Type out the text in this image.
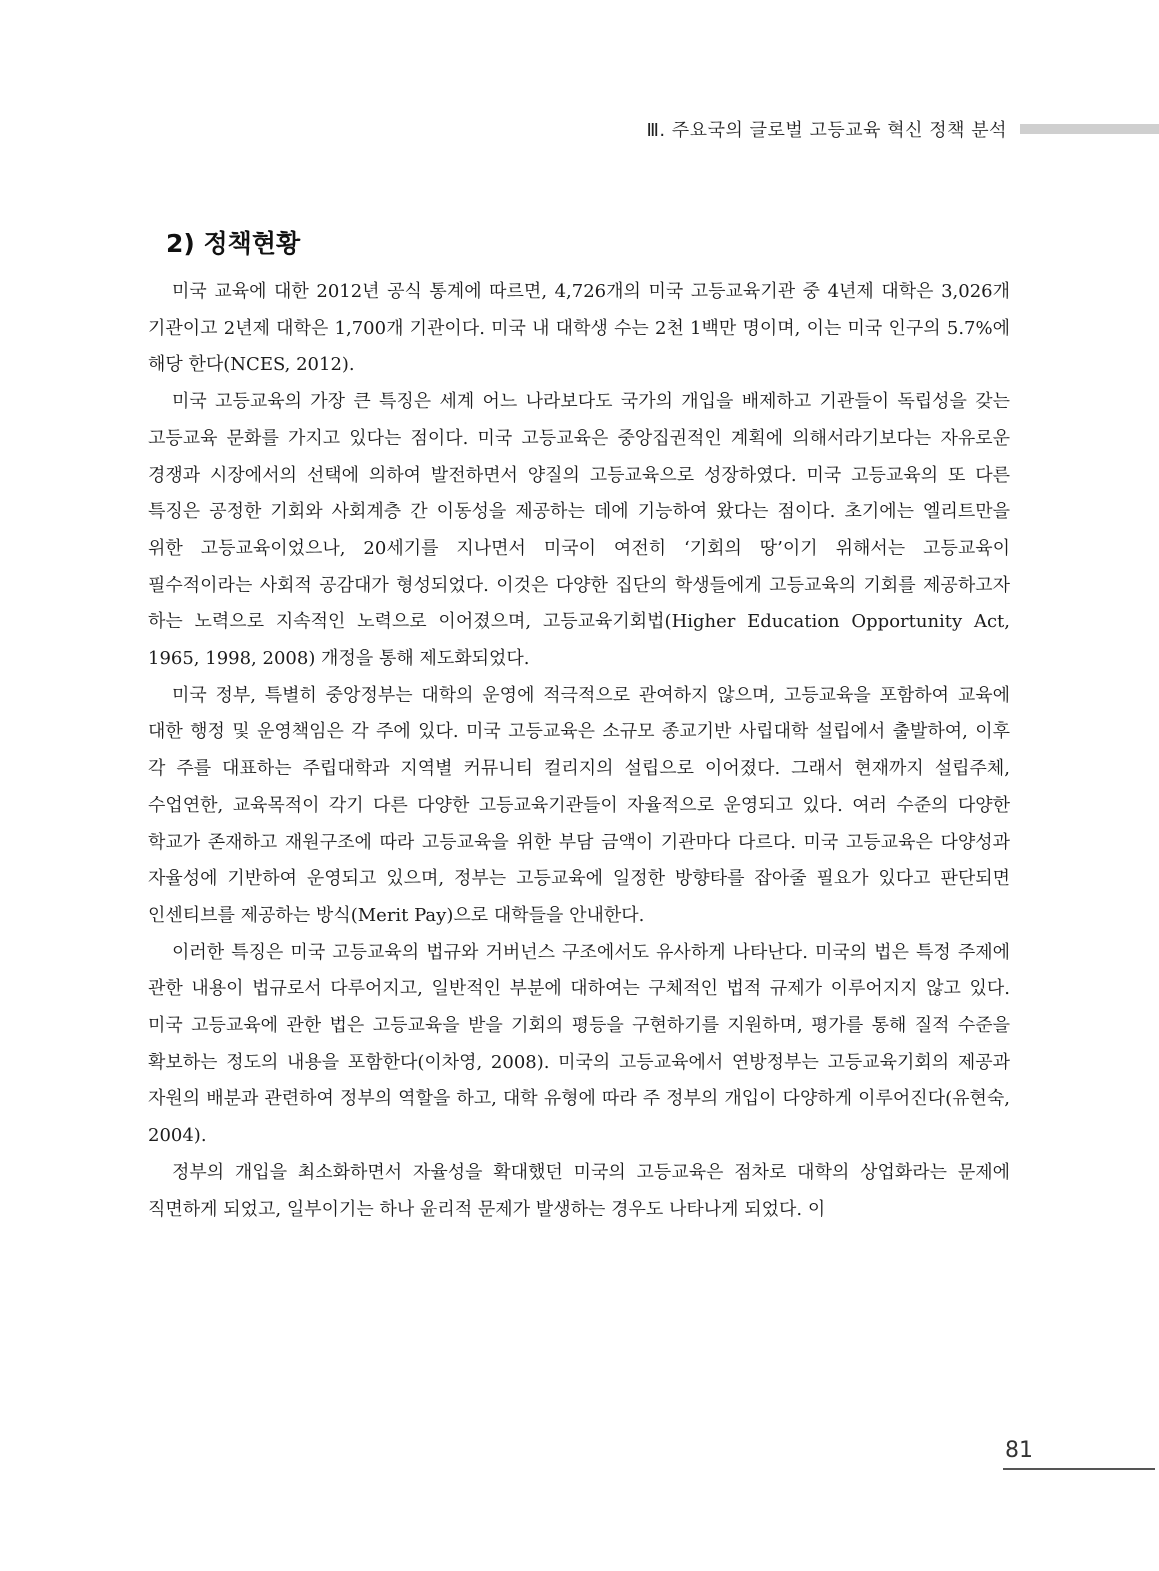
Ⅲ. 주요국의 글로벌 고등교육 혁신 정책 분석
2) 정책현황

미국 교육에 대한 2012년 공식 통계에 따르면, 4,726개의 미국 고등교육기관 중 4년제 대학은 3,026개 기관이고 2년제 대학은 1,700개 기관이다. 미국 내 대학생 수는 2천 1백만 명이며, 이는 미국 인구의 5.7%에 해당 한다(NCES, 2012).

미국 고등교육의 가장 큰 특징은 세계 어느 나라보다도 국가의 개입을 배제하고 기관들이 독립성을 갖는 고등교육 문화를 가지고 있다는 점이다. 미국 고등교육은 중앙집권적인 계획에 의해서라기보다는 자유로운 경쟁과 시장에서의 선택에 의하여 발전하면서 양질의 고등교육으로 성장하였다. 미국 고등교육의 또 다른 특징은 공정한 기회와 사회계층 간 이동성을 제공하는 데에 기능하여 왔다는 점이다. 초기에는 엘리트만을 위한 고등교육이었으나, 20세기를 지나면서 미국이 여전히 ‘기회의 땅’이기 위해서는 고등교육이 필수적이라는 사회적 공감대가 형성되었다. 이것은 다양한 집단의 학생들에게 고등교육의 기회를 제공하고자 하는 노력으로 지속적인 노력으로 이어졌으며, 고등교육기회법(Higher Education Opportunity Act, 1965, 1998, 2008) 개정을 통해 제도화되었다.

미국 정부, 특별히 중앙정부는 대학의 운영에 적극적으로 관여하지 않으며, 고등교육을 포함하여 교육에 대한 행정 및 운영책임은 각 주에 있다. 미국 고등교육은 소규모 종교기반 사립대학 설립에서 출발하여, 이후 각 주를 대표하는 주립대학과 지역별 커뮤니티 컬리지의 설립으로 이어졌다. 그래서 현재까지 설립주체, 수업연한, 교육목적이 각기 다른 다양한 고등교육기관들이 자율적으로 운영되고 있다. 여러 수준의 다양한 학교가 존재하고 재원구조에 따라 고등교육을 위한 부담 금액이 기관마다 다르다. 미국 고등교육은 다양성과 자율성에 기반하여 운영되고 있으며, 정부는 고등교육에 일정한 방향타를 잡아줄 필요가 있다고 판단되면 인센티브를 제공하는 방식(Merit Pay)으로 대학들을 안내한다.

이러한 특징은 미국 고등교육의 법규와 거버넌스 구조에서도 유사하게 나타난다. 미국의 법은 특정 주제에 관한 내용이 법규로서 다루어지고, 일반적인 부분에 대하여는 구체적인 법적 규제가 이루어지지 않고 있다. 미국 고등교육에 관한 법은 고등교육을 받을 기회의 평등을 구현하기를 지원하며, 평가를 통해 질적 수준을 확보하는 정도의 내용을 포함한다(이차영, 2008). 미국의 고등교육에서 연방정부는 고등교육기회의 제공과 자원의 배분과 관련하여 정부의 역할을 하고, 대학 유형에 따라 주 정부의 개입이 다양하게 이루어진다(유현숙, 2004).

정부의 개입을 최소화하면서 자율성을 확대했던 미국의 고등교육은 점차로 대학의 상업화라는 문제에 직면하게 되었고, 일부이기는 하나 윤리적 문제가 발생하는 경우도 나타나게 되었다. 이

81
